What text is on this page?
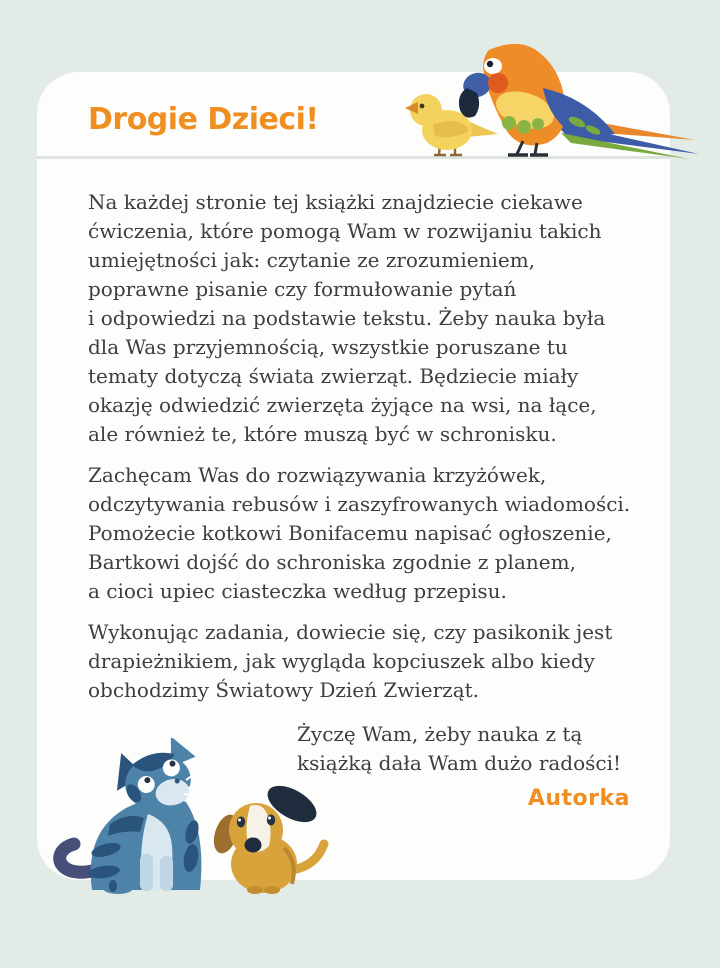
Drogie Dzieci!

Na każdej stronie tej książki znajdziecie ciekawe
ćwiczenia, które pomogą Wam w rozwijaniu takich
umiejętności jak: czytanie ze zrozumieniem,
poprawne pisanie czy formułowanie pytań
i odpowiedzi na podstawie tekstu. Żeby nauka była
dla Was przyjemnością, wszystkie poruszane tu
tematy dotyczą świata zwierząt. Będziecie miały
okazję odwiedzić zwierzęta żyjące na wsi, na łące,
ale również te, które muszą być w schronisku.

Zachęcam Was do rozwiązywania krzyżówek,
odczytywania rebusów i zaszyfrowanych wiadomości.
Pomożecie kotkowi Bonifacemu napisać ogłoszenie,
Bartkowi dojść do schroniska zgodnie z planem,
a cioci upiec ciasteczka według przepisu.

Wykonując zadania, dowiecie się, czy pasikonik jest
drapieżnikiem, jak wygląda kopciuszek albo kiedy
obchodzimy Światowy Dzień Zwierząt.

Życzę Wam, żeby nauka z tą
książką dała Wam dużo radości!
Autorka
